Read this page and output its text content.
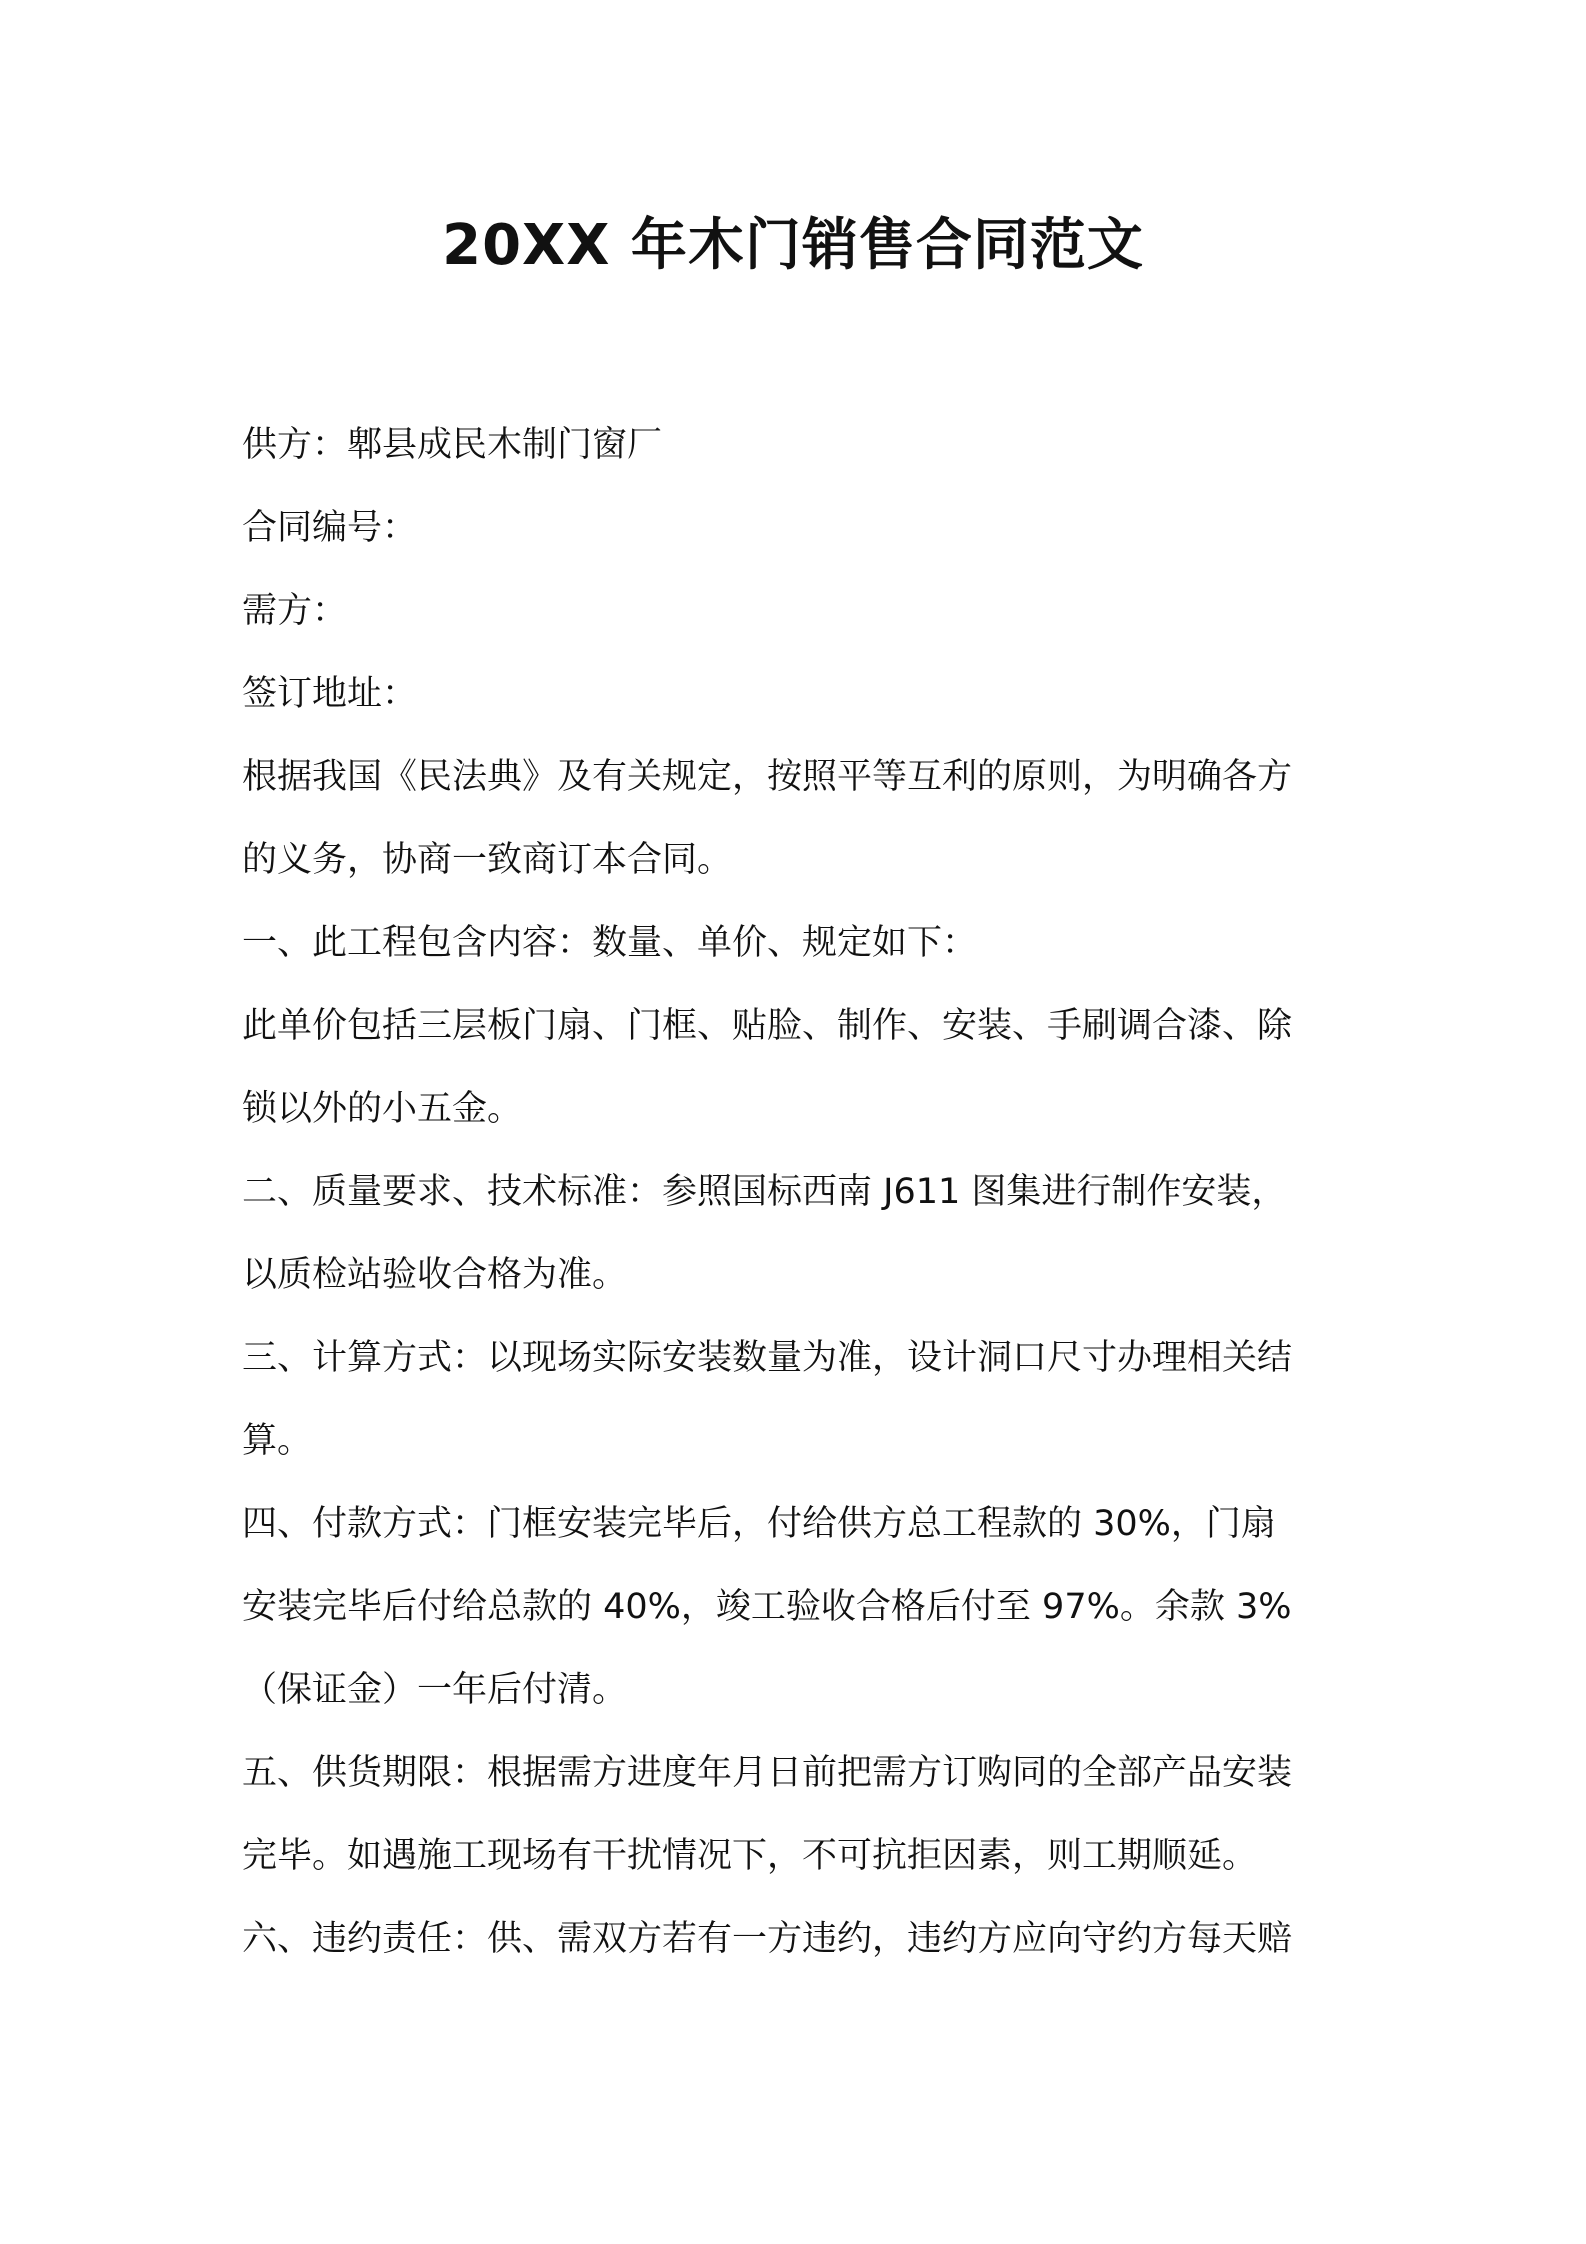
20XX 年木门销售合同范文
供方：郫县成民木制门窗厂
合同编号：
需方：
签订地址：
根据我国《民法典》及有关规定，按照平等互利的原则，为明确各方
的义务，协商一致商订本合同。
一、此工程包含内容：数量、单价、规定如下：
此单价包括三层板门扇、门框、贴脸、制作、安装、手刷调合漆、除
锁以外的小五金。
二、质量要求、技术标准：参照国标西南 J611 图集进行制作安装，
以质检站验收合格为准。
三、计算方式：以现场实际安装数量为准，设计洞口尺寸办理相关结
算。
四、付款方式：门框安装完毕后，付给供方总工程款的 30%，门扇
安装完毕后付给总款的 40%，竣工验收合格后付至 97%。余款 3%
（保证金）一年后付清。
五、供货期限：根据需方进度年月日前把需方订购同的全部产品安装
完毕。如遇施工现场有干扰情况下，不可抗拒因素，则工期顺延。
六、违约责任：供、需双方若有一方违约，违约方应向守约方每天赔
